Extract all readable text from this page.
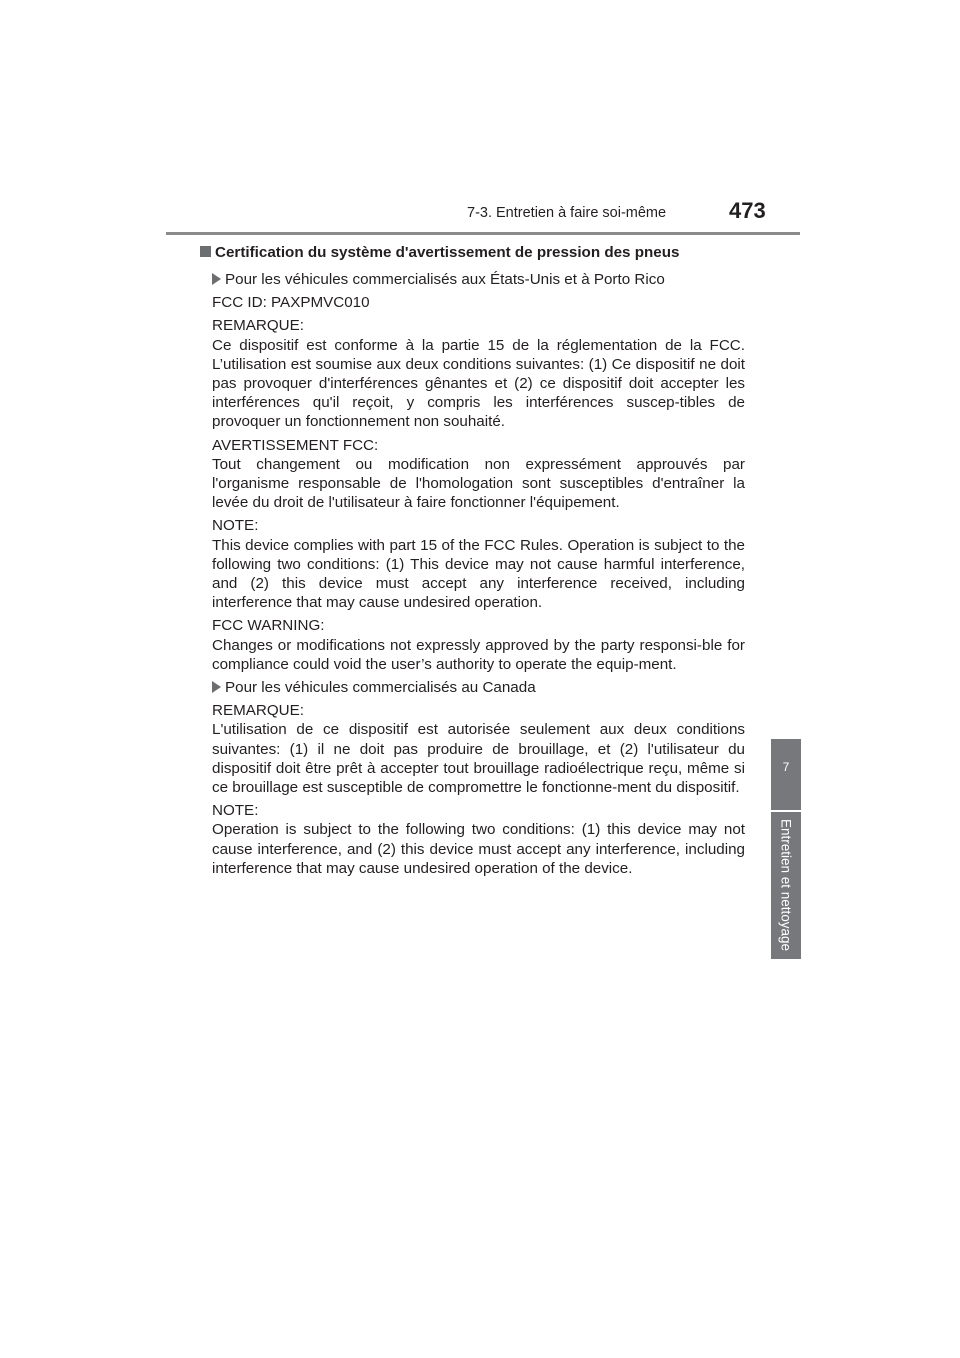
7-3. Entretien à faire soi-même	473
7
Entretien et nettoyage
Certification du système d'avertissement de pression des pneus
Pour les véhicules commercialisés aux États-Unis et à Porto Rico

FCC ID: PAXPMVC010

REMARQUE:

Ce dispositif est conforme à la partie 15 de la réglementation de la FCC. L’utilisation est soumise aux deux conditions suivantes: (1) Ce dispositif ne doit pas provoquer d'interférences gênantes et (2) ce dispositif doit accepter les interférences qu'il reçoit, y compris les interférences suscep-tibles de provoquer un fonctionnement non souhaité.

AVERTISSEMENT FCC:

Tout changement ou modification non expressément approuvés par l'organisme responsable de l'homologation sont susceptibles d'entraîner la levée du droit de l'utilisateur à faire fonctionner l'équipement.

NOTE:

This device complies with part 15 of the FCC Rules. Operation is subject to the following two conditions: (1) This device may not cause harmful interference, and (2) this device must accept any interference received, including interference that may cause undesired operation.

FCC WARNING:

Changes or modifications not expressly approved by the party responsi-ble for compliance could void the user’s authority to operate the equip-ment.

Pour les véhicules commercialisés au Canada
REMARQUE:

L'utilisation de ce dispositif est autorisée seulement aux deux conditions suivantes: (1) il ne doit pas produire de brouillage, et (2) l'utilisateur du dispositif doit être prêt à accepter tout brouillage radioélectrique reçu, même si ce brouillage est susceptible de compromettre le fonctionne-ment du dispositif.

NOTE:

Operation is subject to the following two conditions: (1) this device may not cause interference, and (2) this device must accept any interference, including interference that may cause undesired operation of the device.
